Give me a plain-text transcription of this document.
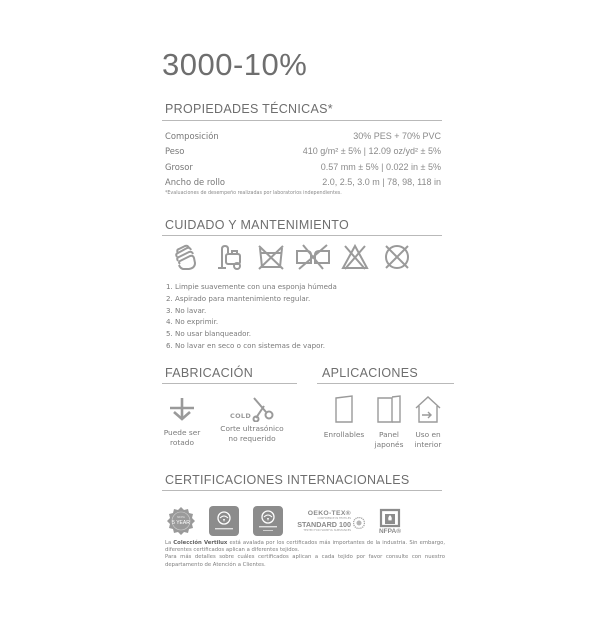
3000-10%
PROPIEDADES TÉCNICAS*
Composición	30% PES + 70% PVC
Peso	410 g/m² ± 5% | 12.09 oz/yd² ± 5%
Grosor	0.57 mm ± 5% | 0.022 in ± 5%
Ancho de rollo	2.0, 2.5, 3.0 m | 78, 98, 118 in
*Evaluaciones de desempeño realizadas por laboratorios independientes.
CUIDADO Y MANTENIMIENTO
1. Limpie suavemente con una esponja húmeda
2. Aspirado para mantenimiento regular.
3. No lavar.
4. No exprimir.
5. No usar blanqueador.
6. No lavar en seco o con sistemas de vapor.
FABRICACIÓN
Puede ser
rotado
COLD
Corte ultrasónico
no requerido
APLICACIONES
Enrollables	Panel
japonés
Uso en
interior
CERTIFICACIONES INTERNACIONALES
NFPA
5 YEAR
OEKO-TEX®
CONFIDENCE IN TEXTILES
STANDARD 100
TESTED FOR HARMFUL SUBSTANCES	NFPA®
La Colección Vertilux está avalada por los certificados más importantes de la industria. Sin embargo, diferentes certificados aplican a diferentes tejidos.
Para más detalles sobre cuáles certificados aplican a cada tejido por favor consulte con nuestro departamento de Atención a Clientes.
